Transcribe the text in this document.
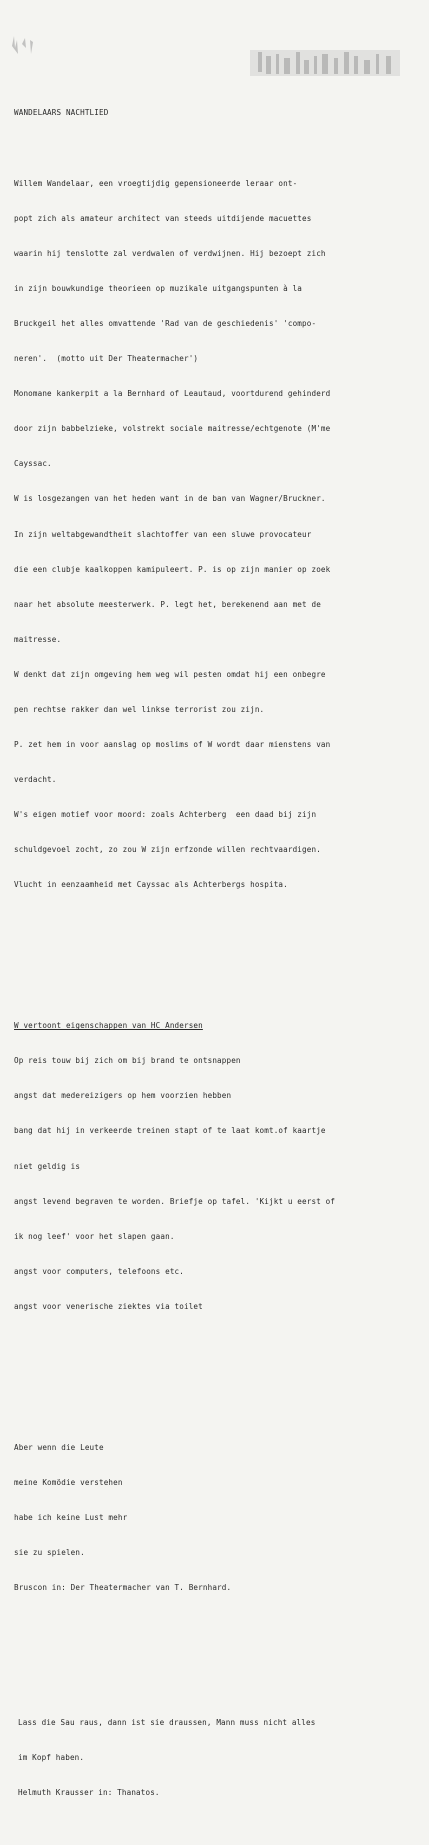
WANDELAARS NACHTLIED

Willem Wandelaar, een vroegtijdig gepensioneerde leraar ont-

popt zich als amateur architect van steeds uitdijende macuettes

waarin hij tenslotte zal verdwalen of verdwijnen. Hij bezoept zich

in zijn bouwkundige theorieen op muzikale uitgangspunten à la

Bruckgeil het alles omvattende 'Rad van de geschiedenis' 'compo-

neren'.  (motto uit Der Theatermacher')

Monomane kankerpit a la Bernhard of Leautaud, voortdurend gehinderd

door zijn babbelzieke, volstrekt sociale maitresse/echtgenote (M'me

Cayssac.

W is losgezangen van het heden want in de ban van Wagner/Bruckner.

In zijn weltabgewandtheit slachtoffer van een sluwe provocateur

die een clubje kaalkoppen kamipuleert. P. is op zijn manier op zoek

naar het absolute meesterwerk. P. legt het, berekenend aan met de

maitresse.

W denkt dat zijn omgeving hem weg wil pesten omdat hij een onbegre

pen rechtse rakker dan wel linkse terrorist zou zijn.

P. zet hem in voor aanslag op moslims of W wordt daar mienstens van

verdacht.

W's eigen motief voor moord: zoals Achterberg  een daad bij zijn

schuldgevoel zocht, zo zou W zijn erfzonde willen rechtvaardigen.

Vlucht in eenzaamheid met Cayssac als Achterbergs hospita.

W vertoont eigenschappen van HC Andersen

Op reis touw bij zich om bij brand te ontsnappen

angst dat medereizigers op hem voorzien hebben

bang dat hij in verkeerde treinen stapt of te laat komt.of kaartje

niet geldig is

angst levend begraven te worden. Briefje op tafel. 'Kijkt u eerst of

ik nog leef' voor het slapen gaan.

angst voor computers, telefoons etc.

angst voor venerische ziektes via toilet

Aber wenn die Leute

meine Komödie verstehen

habe ich keine Lust mehr

sie zu spielen.

Bruscon in: Der Theatermacher van T. Bernhard.

Lass die Sau raus, dann ist sie draussen, Mann muss nicht alles

im Kopf haben.

Helmuth Krausser in: Thanatos.
